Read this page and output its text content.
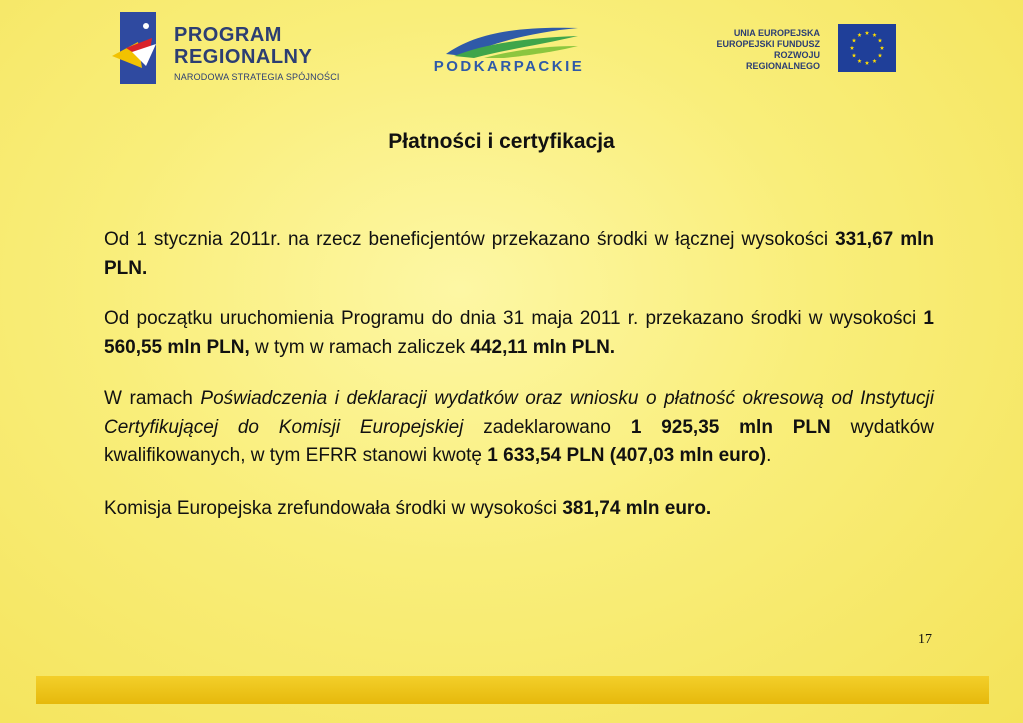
PROGRAM
REGIONALNY
NARODOWA STRATEGIA SPÓJNOŚCI
PODKARPACKIE
UNIA EUROPEJSKA
EUROPEJSKI FUNDUSZ
ROZWOJU REGIONALNEGO
Płatności i certyfikacja

Od 1 stycznia 2011r. na rzecz beneficjentów przekazano środki w łącznej wysokości 331,67 mln PLN.

Od początku uruchomienia Programu do dnia 31 maja 2011 r. przekazano środki w wysokości 1 560,55 mln PLN, w tym w ramach zaliczek 442,11 mln PLN.

W ramach Poświadczenia i deklaracji wydatków oraz wniosku o płatność okresową od Instytucji Certyfikującej do Komisji Europejskiej zadeklarowano 1 925,35 mln PLN wydatków kwalifikowanych, w tym EFRR stanowi kwotę 1 633,54 PLN (407,03 mln euro).

Komisja Europejska zrefundowała środki w wysokości 381,74 mln euro.

17
